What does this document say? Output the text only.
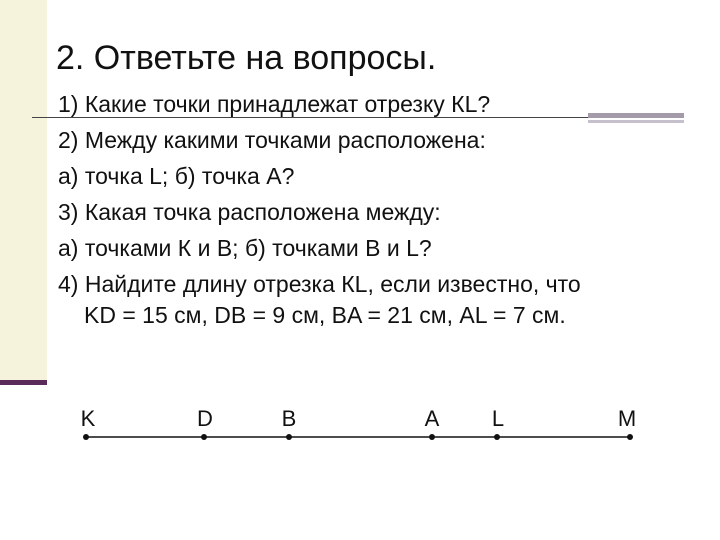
2. Ответьте на вопросы.
1) Какие точки принадлежат отрезку КL?
2) Между какими точками расположена:
а) точка L; б) точка А?
3) Какая точка расположена между:
а) точками К и В; б) точками В и L?
4) Найдите длину отрезка КL, если известно, что
KD = 15 см, DB = 9 см, BA = 21 см, AL = 7 см.
K	D	B	A L	M
